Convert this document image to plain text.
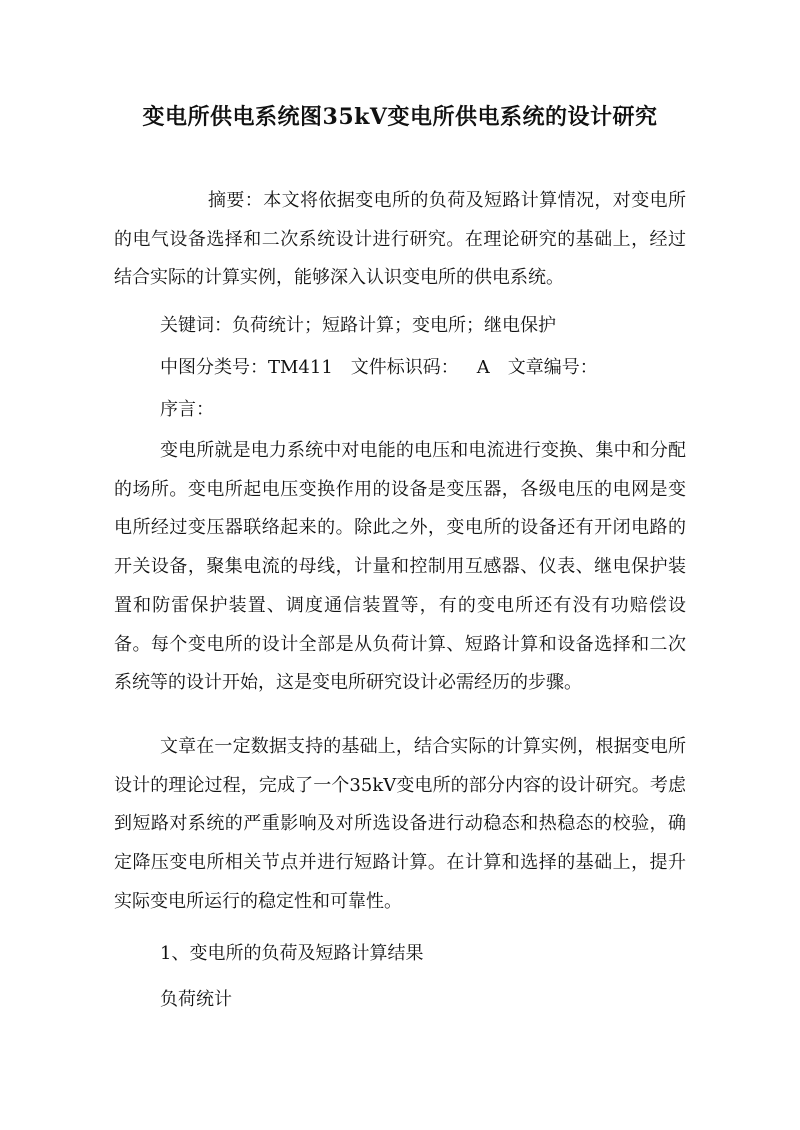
变电所供电系统图35kV变电所供电系统的设计研究

摘要：本文将依据变电所的负荷及短路计算情况，对变电所的电气设备选择和二次系统设计进行研究。在理论研究的基础上，经过结合实际的计算实例，能够深入认识变电所的供电系统。

关键词：负荷统计；短路计算；变电所；继电保护

中图分类号：TM411 文件标识码： A 文章编号：

序言：

变电所就是电力系统中对电能的电压和电流进行变换、集中和分配的场所。变电所起电压变换作用的设备是变压器，各级电压的电网是变电所经过变压器联络起来的。除此之外，变电所的设备还有开闭电路的开关设备，聚集电流的母线，计量和控制用互感器、仪表、继电保护装置和防雷保护装置、调度通信装置等，有的变电所还有没有功赔偿设备。每个变电所的设计全部是从负荷计算、短路计算和设备选择和二次系统等的设计开始，这是变电所研究设计必需经历的步骤。

文章在一定数据支持的基础上，结合实际的计算实例，根据变电所设计的理论过程，完成了一个35kV变电所的部分内容的设计研究。考虑到短路对系统的严重影响及对所选设备进行动稳态和热稳态的校验，确定降压变电所相关节点并进行短路计算。在计算和选择的基础上，提升实际变电所运行的稳定性和可靠性。

1、变电所的负荷及短路计算结果

负荷统计
